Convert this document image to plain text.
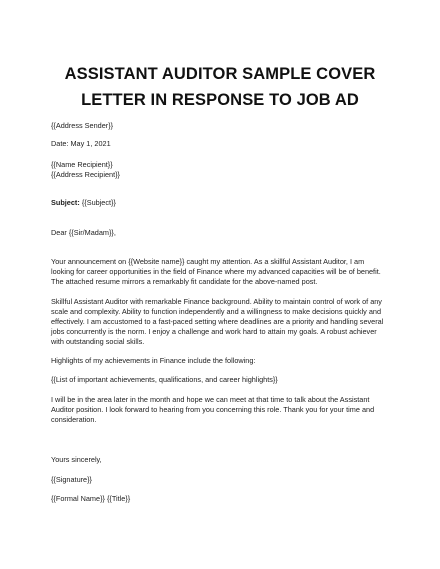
ASSISTANT AUDITOR SAMPLE COVER
LETTER IN RESPONSE TO JOB AD
{{Address Sender}}
Date: May 1, 2021
{{Name Recipient}}
{{Address Recipient}}
Subject: {{Subject}}
Dear {{Sir/Madam}},
Your announcement on {{Website name}} caught my attention. As a skillful Assistant Auditor, I am
looking for career opportunities in the field of Finance where my advanced capacities will be of benefit.
The attached resume mirrors a remarkably fit candidate for the above-named post.
Skillful Assistant Auditor with remarkable Finance background. Ability to maintain control of work of any
scale and complexity. Ability to function independently and a willingness to make decisions quickly and
effectively. I am accustomed to a fast-paced setting where deadlines are a priority and handling several
jobs concurrently is the norm. I enjoy a challenge and work hard to attain my goals. A robust achiever
with outstanding social skills.
Highlights of my achievements in Finance include the following:
{{List of important achievements, qualifications, and career highlights}}
I will be in the area later in the month and hope we can meet at that time to talk about the Assistant
Auditor position. I look forward to hearing from you concerning this role. Thank you for your time and
consideration.
Yours sincerely,
{{Signature}}
{{Formal Name}} {{Title}}
